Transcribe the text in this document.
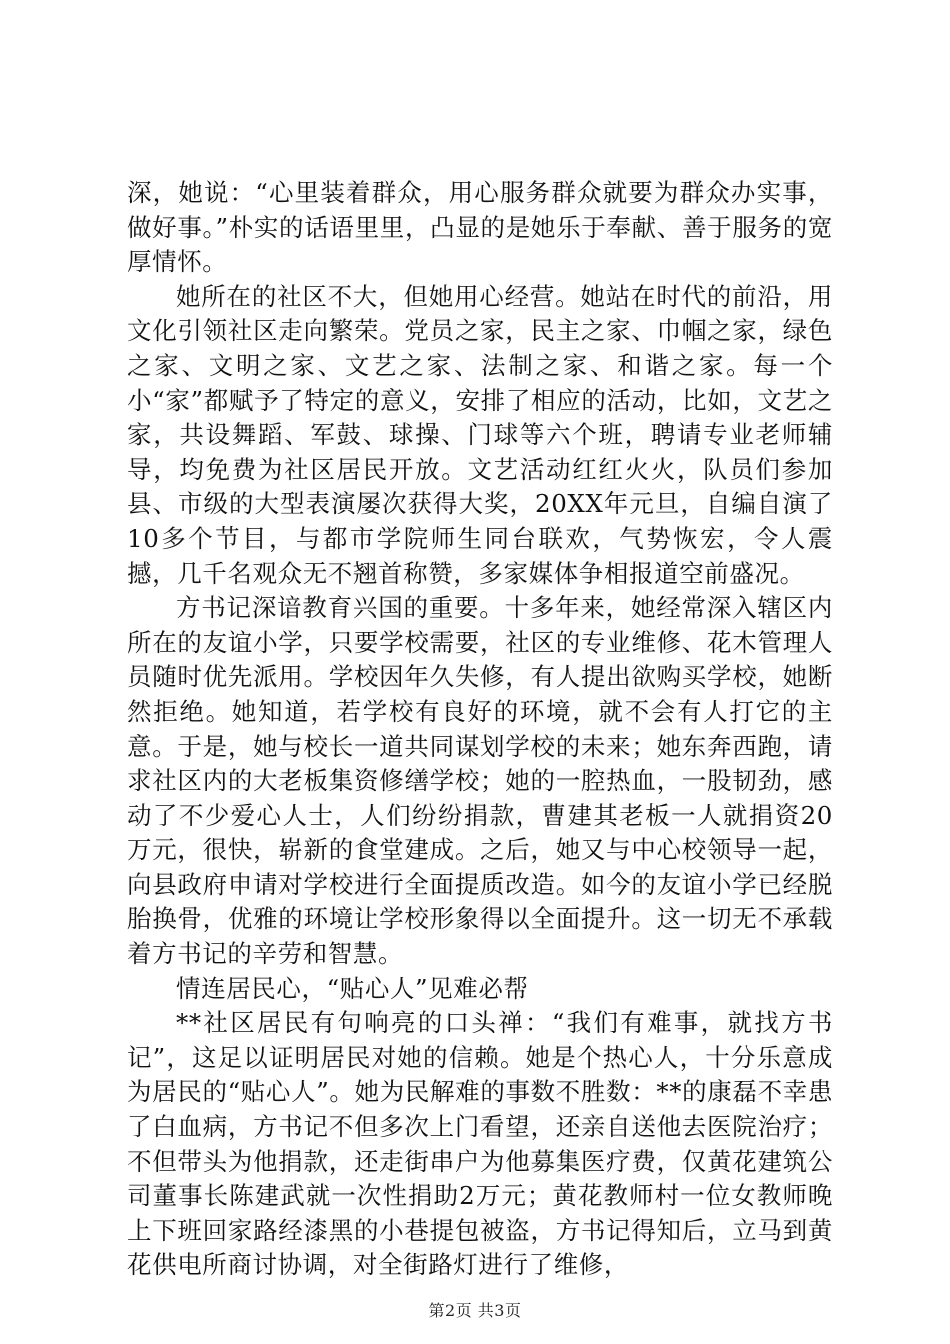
深，她说：“心里装着群众，用心服务群众就要为群众办实事，做好事。”朴实的话语里里，凸显的是她乐于奉献、善于服务的宽厚情怀。

她所在的社区不大，但她用心经营。她站在时代的前沿，用文化引领社区走向繁荣。党员之家，民主之家、巾帼之家，绿色之家、文明之家、文艺之家、法制之家、和谐之家。每一个小“家”都赋予了特定的意义，安排了相应的活动，比如，文艺之家，共设舞蹈、军鼓、球操、门球等六个班，聘请专业老师辅导，均免费为社区居民开放。文艺活动红红火火，队员们参加县、市级的大型表演屡次获得大奖，20XX年元旦，自编自演了10多个节目，与都市学院师生同台联欢，气势恢宏，令人震撼，几千名观众无不翘首称赞，多家媒体争相报道空前盛况。

方书记深谙教育兴国的重要。十多年来，她经常深入辖区内所在的友谊小学，只要学校需要，社区的专业维修、花木管理人员随时优先派用。学校因年久失修，有人提出欲购买学校，她断然拒绝。她知道，若学校有良好的环境，就不会有人打它的主意。于是，她与校长一道共同谋划学校的未来；她东奔西跑，请求社区内的大老板集资修缮学校；她的一腔热血，一股韧劲，感动了不少爱心人士，人们纷纷捐款，曹建其老板一人就捐资20万元，很快，崭新的食堂建成。之后，她又与中心校领导一起，向县政府申请对学校进行全面提质改造。如今的友谊小学已经脱胎换骨，优雅的环境让学校形象得以全面提升。这一切无不承载着方书记的辛劳和智慧。

情连居民心，“贴心人”见难必帮

**社区居民有句响亮的口头禅：“我们有难事，就找方书记”，这足以证明居民对她的信赖。她是个热心人，十分乐意成为居民的“贴心人”。她为民解难的事数不胜数：**的康磊不幸患了白血病，方书记不但多次上门看望，还亲自送他去医院治疗；不但带头为他捐款，还走街串户为他募集医疗费，仅黄花建筑公司董事长陈建武就一次性捐助2万元；黄花教师村一位女教师晚上下班回家路经漆黑的小巷提包被盗，方书记得知后，立马到黄花供电所商讨协调，对全街路灯进行了维修，

第2页 共3页
